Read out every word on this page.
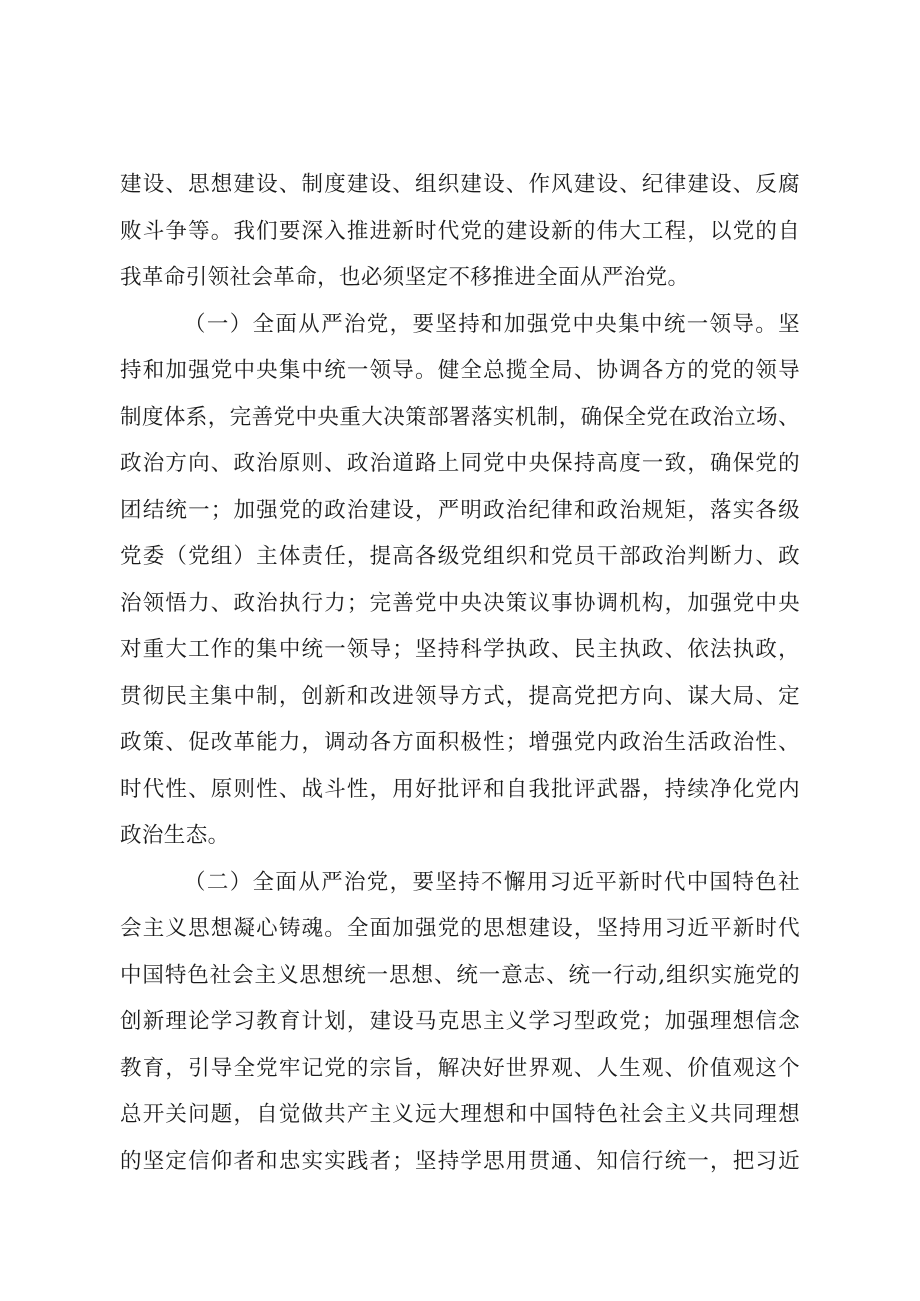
建设、思想建设、制度建设、组织建设、作风建设、纪律建设、反腐
败斗争等。我们要深入推进新时代党的建设新的伟大工程，以党的自
我革命引领社会革命，也必须坚定不移推进全面从严治党。
（一）全面从严治党，要坚持和加强党中央集中统一领导。坚
持和加强党中央集中统一领导。健全总揽全局、协调各方的党的领导
制度体系，完善党中央重大决策部署落实机制，确保全党在政治立场、
政治方向、政治原则、政治道路上同党中央保持高度一致，确保党的
团结统一；加强党的政治建设，严明政治纪律和政治规矩，落实各级
党委（党组）主体责任，提高各级党组织和党员干部政治判断力、政
治领悟力、政治执行力；完善党中央决策议事协调机构，加强党中央
对重大工作的集中统一领导；坚持科学执政、民主执政、依法执政，
贯彻民主集中制，创新和改进领导方式，提高党把方向、谋大局、定
政策、促改革能力，调动各方面积极性；增强党内政治生活政治性、
时代性、原则性、战斗性，用好批评和自我批评武器，持续净化党内
政治生态。
（二）全面从严治党，要坚持不懈用习近平新时代中国特色社
会主义思想凝心铸魂。全面加强党的思想建设，坚持用习近平新时代
中国特色社会主义思想统一思想、统一意志、统一行动,组织实施党的
创新理论学习教育计划，建设马克思主义学习型政党；加强理想信念
教育，引导全党牢记党的宗旨，解决好世界观、人生观、价值观这个
总开关问题，自觉做共产主义远大理想和中国特色社会主义共同理想
的坚定信仰者和忠实实践者；坚持学思用贯通、知信行统一，把习近
